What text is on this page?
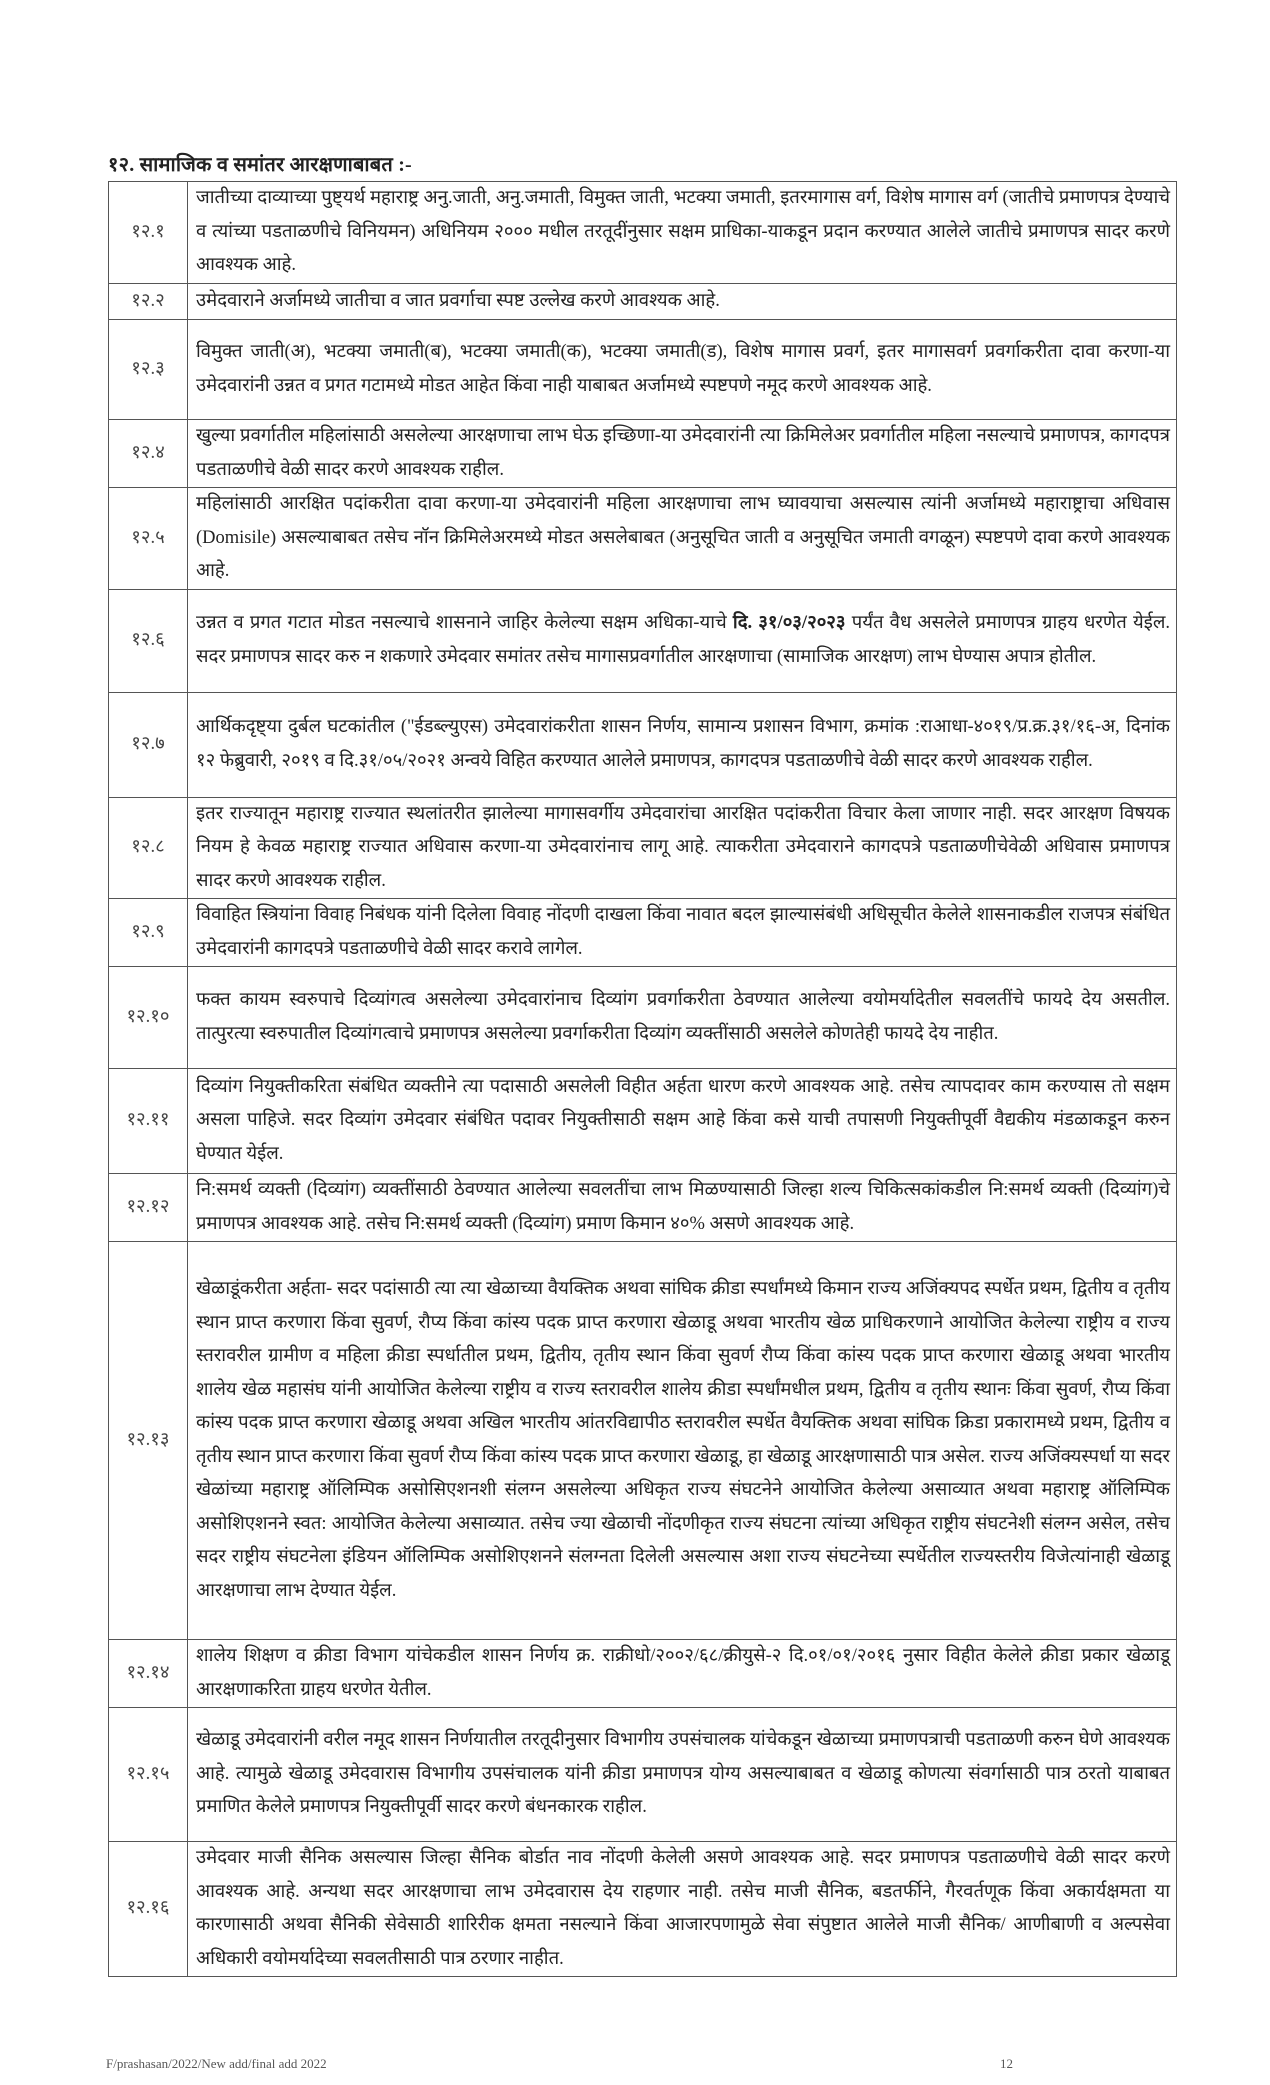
१२. सामाजिक व समांतर आरक्षणाबाबत :-
१२.१	जातीच्या दाव्याच्या पुष्ट्यर्थ महाराष्ट्र अनु.जाती, अनु.जमाती, विमुक्त जाती, भटक्या जमाती, इतरमागास वर्ग, विशेष मागास वर्ग (जातीचे प्रमाणपत्र देण्याचे व त्यांच्या पडताळणीचे विनियमन) अधिनियम २००० मधील तरतूदींनुसार सक्षम प्राधिका-याकडून प्रदान करण्यात आलेले जातीचे प्रमाणपत्र सादर करणे आवश्यक आहे.
१२.२	उमेदवाराने अर्जामध्ये जातीचा व जात प्रवर्गाचा स्पष्ट उल्लेख करणे आवश्यक आहे.
१२.३	विमुक्त जाती(अ), भटक्या जमाती(ब), भटक्या जमाती(क), भटक्या जमाती(ड), विशेष मागास प्रवर्ग, इतर मागासवर्ग प्रवर्गाकरीता दावा करणा-या उमेदवारांनी उन्नत व प्रगत गटामध्ये मोडत आहेत किंवा नाही याबाबत अर्जामध्ये स्पष्टपणे नमूद करणे आवश्यक आहे.
१२.४	खुल्या प्रवर्गातील महिलांसाठी असलेल्या आरक्षणाचा लाभ घेऊ इच्छिणा-या उमेदवारांनी त्या क्रिमिलेअर प्रवर्गातील महिला नसल्याचे प्रमाणपत्र, कागदपत्र पडताळणीचे वेळी सादर करणे आवश्यक राहील.
१२.५	महिलांसाठी आरक्षित पदांकरीता दावा करणा-या उमेदवारांनी महिला आरक्षणाचा लाभ घ्यावयाचा असल्यास त्यांनी अर्जामध्ये महाराष्ट्राचा अधिवास (Domisile) असल्याबाबत तसेच नॉन क्रिमिलेअरमध्ये मोडत असलेबाबत (अनुसूचित जाती व अनुसूचित जमाती वगळून) स्पष्टपणे दावा करणे आवश्यक आहे.
१२.६	उन्नत व प्रगत गटात मोडत नसल्याचे शासनाने जाहिर केलेल्या सक्षम अधिका-याचे दि. ३१/०३/२०२३ पर्यंत वैध असलेले प्रमाणपत्र ग्राहय धरणेत येईल. सदर प्रमाणपत्र सादर करु न शकणारे उमेदवार समांतर तसेच मागासप्रवर्गातील आरक्षणाचा (सामाजिक आरक्षण) लाभ घेण्यास अपात्र होतील.
१२.७	आर्थिकदृष्ट्या दुर्बल घटकांतील ("ईडब्ल्युएस) उमेदवारांकरीता शासन निर्णय, सामान्य प्रशासन विभाग, क्रमांक :राआधा-४०१९/प्र.क्र.३१/१६-अ, दिनांक १२ फेब्रुवारी, २०१९ व दि.३१/०५/२०२१ अन्वये विहित करण्यात आलेले प्रमाणपत्र, कागदपत्र पडताळणीचे वेळी सादर करणे आवश्यक राहील.
१२.८	इतर राज्यातून महाराष्ट्र राज्यात स्थलांतरीत झालेल्या मागासवर्गीय उमेदवारांचा आरक्षित पदांकरीता विचार केला जाणार नाही. सदर आरक्षण विषयक नियम हे केवळ महाराष्ट्र राज्यात अधिवास करणा-या उमेदवारांनाच लागू आहे. त्याकरीता उमेदवाराने कागदपत्रे पडताळणीचेवेळी अधिवास प्रमाणपत्र सादर करणे आवश्यक राहील.
१२.९	विवाहित स्त्रियांना विवाह निबंधक यांनी दिलेला विवाह नोंदणी दाखला किंवा नावात बदल झाल्यासंबंधी अधिसूचीत केलेले शासनाकडील राजपत्र संबंधित उमेदवारांनी कागदपत्रे पडताळणीचे वेळी सादर करावे लागेल.
१२.१०	फक्त कायम स्वरुपाचे दिव्यांगत्व असलेल्या उमेदवारांनाच दिव्यांग प्रवर्गाकरीता ठेवण्यात आलेल्या वयोमर्यादेतील सवलतींचे फायदे देय असतील. तात्पुरत्या स्वरुपातील दिव्यांगत्वाचे प्रमाणपत्र असलेल्या प्रवर्गाकरीता दिव्यांग व्यक्तींसाठी असलेले कोणतेही फायदे देय नाहीत.
१२.११	दिव्यांग नियुक्तीकरिता संबंधित व्यक्तीने त्या पदासाठी असलेली विहीत अर्हता धारण करणे आवश्यक आहे. तसेच त्यापदावर काम करण्यास तो सक्षम असला पाहिजे. सदर दिव्यांग उमेदवार संबंधित पदावर नियुक्तीसाठी सक्षम आहे किंवा कसे याची तपासणी नियुक्तीपूर्वी वैद्यकीय मंडळाकडून करुन घेण्यात येईल.
१२.१२	नि:समर्थ व्यक्ती (दिव्यांग) व्यक्तींसाठी ठेवण्यात आलेल्या सवलतींचा लाभ मिळण्यासाठी जिल्हा शल्य चिकित्सकांकडील नि:समर्थ व्यक्ती (दिव्यांग)चे प्रमाणपत्र आवश्यक आहे. तसेच नि:समर्थ व्यक्ती (दिव्यांग) प्रमाण किमान ४०% असणे आवश्यक आहे.
१२.१३	खेळाडूंकरीता अर्हता- सदर पदांसाठी त्या त्या खेळाच्या वैयक्तिक अथवा सांघिक क्रीडा स्पर्धांमध्ये किमान राज्य अजिंक्यपद स्पर्धेत प्रथम, द्वितीय व तृतीय स्थान प्राप्त करणारा किंवा सुवर्ण, रौप्य किंवा कांस्य पदक प्राप्त करणारा खेळाडू अथवा भारतीय खेळ प्राधिकरणाने आयोजित केलेल्या राष्ट्रीय व राज्य स्तरावरील ग्रामीण व महिला क्रीडा स्पर्धातील प्रथम, द्वितीय, तृतीय स्थान किंवा सुवर्ण रौप्य किंवा कांस्य पदक प्राप्त करणारा खेळाडू अथवा भारतीय शालेय खेळ महासंघ यांनी आयोजित केलेल्या राष्ट्रीय व राज्य स्तरावरील शालेय क्रीडा स्पर्धांमधील प्रथम, द्वितीय व तृतीय स्थानः किंवा सुवर्ण, रौप्य किंवा कांस्य पदक प्राप्त करणारा खेळाडू अथवा अखिल भारतीय आंतरविद्यापीठ स्तरावरील स्पर्धेत वैयक्तिक अथवा सांघिक क्रिडा प्रकारामध्ये प्रथम, द्वितीय व तृतीय स्थान प्राप्त करणारा किंवा सुवर्ण रौप्य किंवा कांस्य पदक प्राप्त करणारा खेळाडू, हा खेळाडू आरक्षणासाठी पात्र असेल. राज्य अजिंक्यस्पर्धा या सदर खेळांच्या महाराष्ट्र ऑलिम्पिक असोसिएशनशी संलग्न असलेल्या अधिकृत राज्य संघटनेने आयोजित केलेल्या असाव्यात अथवा महाराष्ट्र ऑलिम्पिक असोशिएशनने स्वत: आयोजित केलेल्या असाव्यात. तसेच ज्या खेळाची नोंदणीकृत राज्य संघटना त्यांच्या अधिकृत राष्ट्रीय संघटनेशी संलग्न असेल, तसेच सदर राष्ट्रीय संघटनेला इंडियन ऑलिम्पिक असोशिएशनने संलग्नता दिलेली असल्यास अशा राज्य संघटनेच्या स्पर्धेतील राज्यस्तरीय विजेत्यांनाही खेळाडू आरक्षणाचा लाभ देण्यात येईल.
१२.१४	शालेय शिक्षण व क्रीडा विभाग यांचेकडील शासन निर्णय क्र. राक्रीधो/२००२/६८/क्रीयुसे-२ दि.०१/०१/२०१६ नुसार विहीत केलेले क्रीडा प्रकार खेळाडू आरक्षणाकरिता ग्राहय धरणेत येतील.
१२.१५	खेळाडू उमेदवारांनी वरील नमूद शासन निर्णयातील तरतूदीनुसार विभागीय उपसंचालक यांचेकडून खेळाच्या प्रमाणपत्राची पडताळणी करुन घेणे आवश्यक आहे. त्यामुळे खेळाडू उमेदवारास विभागीय उपसंचालक यांनी क्रीडा प्रमाणपत्र योग्य असल्याबाबत व खेळाडू कोणत्या संवर्गासाठी पात्र ठरतो याबाबत प्रमाणित केलेले प्रमाणपत्र नियुक्तीपूर्वी सादर करणे बंधनकारक राहील.
१२.१६	उमेदवार माजी सैनिक असल्यास जिल्हा सैनिक बोर्डात नाव नोंदणी केलेली असणे आवश्यक आहे. सदर प्रमाणपत्र पडताळणीचे वेळी सादर करणे आवश्यक आहे. अन्यथा सदर आरक्षणाचा लाभ उमेदवारास देय राहणार नाही. तसेच माजी सैनिक, बडतर्फीने, गैरवर्तणूक किंवा अकार्यक्षमता या कारणासाठी अथवा सैनिकी सेवेसाठी शारिरीक क्षमता नसल्याने किंवा आजारपणामुळे सेवा संपुष्टात आलेले माजी सैनिक/ आणीबाणी व अल्पसेवा अधिकारी वयोमर्यादेच्या सवलतीसाठी पात्र ठरणार नाहीत.
F/prashasan/2022/New add/final add 2022	12
